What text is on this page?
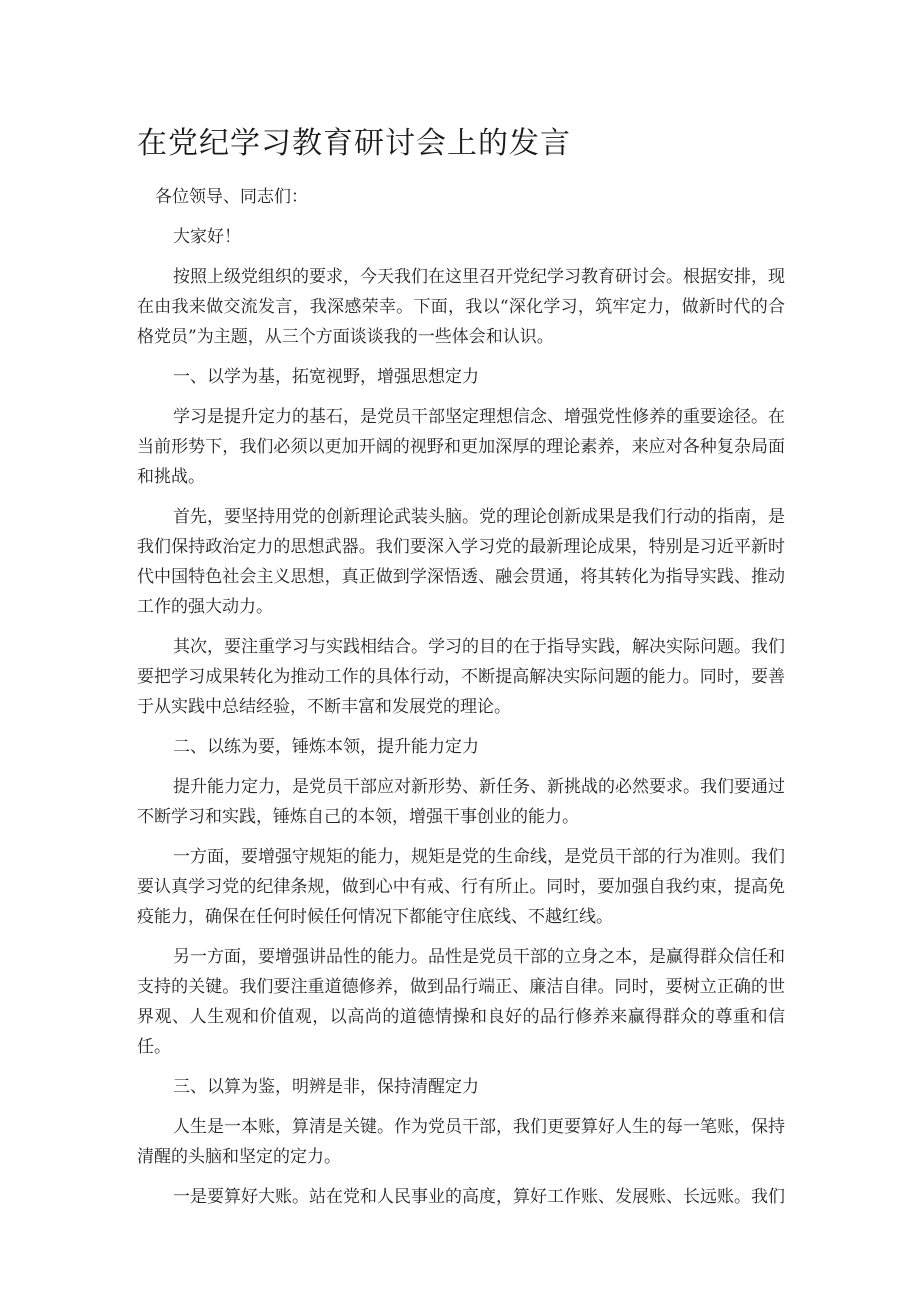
在党纪学习教育研讨会上的发言

各位领导、同志们：

大家好！

按照上级党组织的要求，今天我们在这里召开党纪学习教育研讨会。根据安排，现在由我来做交流发言，我深感荣幸。下面，我以“深化学习，筑牢定力，做新时代的合格党员”为主题，从三个方面谈谈我的一些体会和认识。

一、以学为基，拓宽视野，增强思想定力

学习是提升定力的基石，是党员干部坚定理想信念、增强党性修养的重要途径。在当前形势下，我们必须以更加开阔的视野和更加深厚的理论素养，来应对各种复杂局面和挑战。

首先，要坚持用党的创新理论武装头脑。党的理论创新成果是我们行动的指南，是我们保持政治定力的思想武器。我们要深入学习党的最新理论成果，特别是习近平新时代中国特色社会主义思想，真正做到学深悟透、融会贯通，将其转化为指导实践、推动工作的强大动力。

其次，要注重学习与实践相结合。学习的目的在于指导实践，解决实际问题。我们要把学习成果转化为推动工作的具体行动，不断提高解决实际问题的能力。同时，要善于从实践中总结经验，不断丰富和发展党的理论。

二、以练为要，锤炼本领，提升能力定力

提升能力定力，是党员干部应对新形势、新任务、新挑战的必然要求。我们要通过不断学习和实践，锤炼自己的本领，增强干事创业的能力。

一方面，要增强守规矩的能力，规矩是党的生命线，是党员干部的行为准则。我们要认真学习党的纪律条规，做到心中有戒、行有所止。同时，要加强自我约束，提高免疫能力，确保在任何时候任何情况下都能守住底线、不越红线。

另一方面，要增强讲品性的能力。品性是党员干部的立身之本，是赢得群众信任和支持的关键。我们要注重道德修养，做到品行端正、廉洁自律。同时，要树立正确的世界观、人生观和价值观，以高尚的道德情操和良好的品行修养来赢得群众的尊重和信任。

三、以算为鉴，明辨是非，保持清醒定力

人生是一本账，算清是关键。作为党员干部，我们更要算好人生的每一笔账，保持清醒的头脑和坚定的定力。

一是要算好大账。站在党和人民事业的高度，算好工作账、发展账、长远账。我们
